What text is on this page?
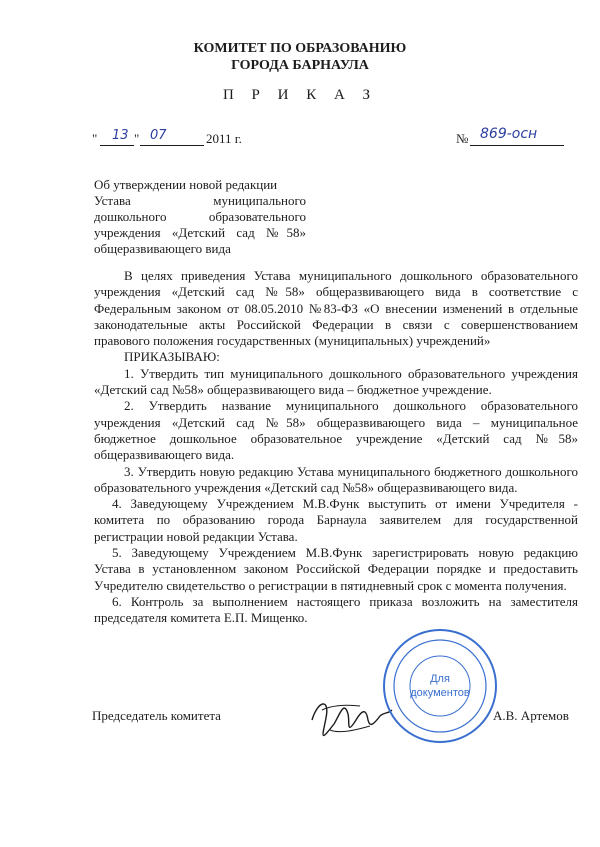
КОМИТЕТ ПО ОБРАЗОВАНИЮ
ГОРОДА БАРНАУЛА
П Р И К А З
" 13 " 07	2011 г.	№ 869-осн
Об утверждении новой редакции
Устава муниципального
дошкольного образовательного
учреждения «Детский сад №58»
общеразвивающего вида

В целях приведения Устава муниципального дошкольного образовательного учреждения «Детский сад №58» общеразвивающего вида в соответствие с Федеральным законом от 08.05.2010 №83-ФЗ «О внесении изменений в отдельные законодательные акты Российской Федерации в связи с совершенствованием правового положения государственных (муниципальных) учреждений»

ПРИКАЗЫВАЮ:

1. Утвердить тип муниципального дошкольного образовательного учреждения «Детский сад №58» общеразвивающего вида – бюджетное учреждение.

2. Утвердить название муниципального дошкольного образовательного учреждения «Детский сад №58» общеразвивающего вида – муниципальное бюджетное дошкольное образовательное учреждение «Детский сад №58» общеразвивающего вида.

3. Утвердить новую редакцию Устава муниципального бюджетного дошкольного образовательного учреждения «Детский сад №58» общеразвивающего вида.

4. Заведующему Учреждением М.В.Функ выступить от имени Учредителя - комитета по образованию города Барнаула заявителем для государственной регистрации новой редакции Устава.

5. Заведующему Учреждением М.В.Функ зарегистрировать новую редакцию Устава в установленном законом Российской Федерации порядке и предоставить Учредителю свидетельство о регистрации в пятидневный срок с момента получения.

6. Контроль за выполнением настоящего приказа возложить на заместителя председателя комитета Е.П. Мищенко.

Председатель комитета	А.В. Артемов
Для
документов
